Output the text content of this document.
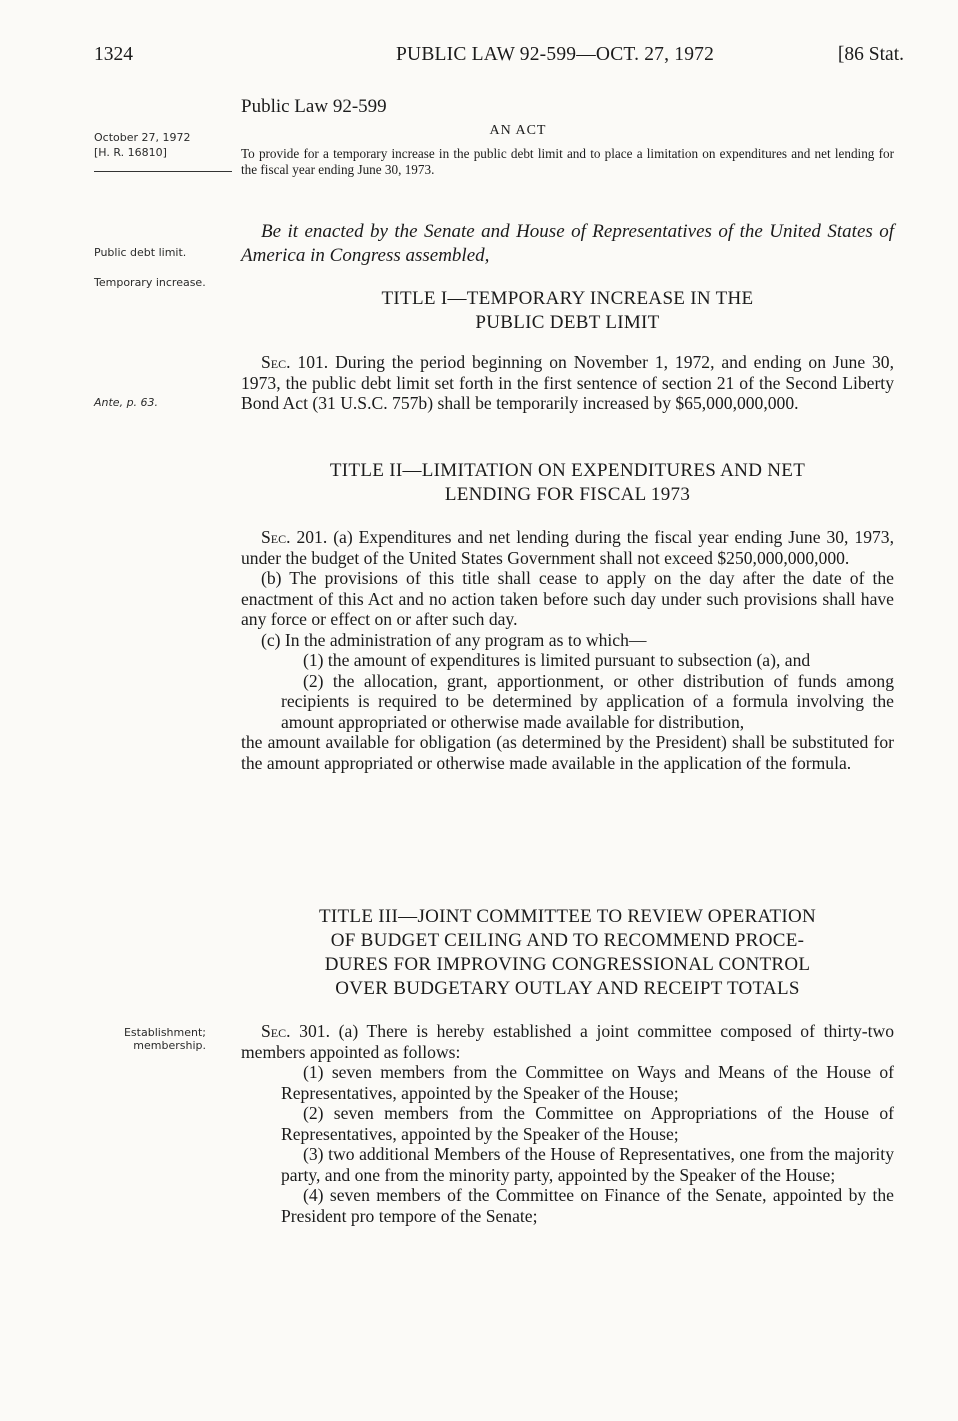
1324	PUBLIC LAW 92-599—OCT. 27, 1972	[86 Stat.
October 27, 1972
[H. R. 16810]
Public debt limit.
Temporary increase.
Ante, p. 63.
Establishment; membership.
Public Law 92-599
AN ACT
To provide for a temporary increase in the public debt limit and to place a limitation on expenditures and net lending for the fiscal year ending June 30, 1973.
Be it enacted by the Senate and House of Representatives of the United States of America in Congress assembled,
TITLE I—TEMPORARY INCREASE IN THE
PUBLIC DEBT LIMIT

Sec. 101. During the period beginning on November 1, 1972, and ending on June 30, 1973, the public debt limit set forth in the first sentence of section 21 of the Second Liberty Bond Act (31 U.S.C. 757b) shall be temporarily increased by $65,000,000,000.

TITLE II—LIMITATION ON EXPENDITURES AND NET
LENDING FOR FISCAL 1973

Sec. 201. (a) Expenditures and net lending during the fiscal year ending June 30, 1973, under the budget of the United States Government shall not exceed $250,000,000,000.

(b) The provisions of this title shall cease to apply on the day after the date of the enactment of this Act and no action taken before such day under such provisions shall have any force or effect on or after such day.

(c) In the administration of any program as to which—

(1) the amount of expenditures is limited pursuant to subsection (a), and

(2) the allocation, grant, apportionment, or other distribution of funds among recipients is required to be determined by application of a formula involving the amount appropriated or otherwise made available for distribution,

the amount available for obligation (as determined by the President) shall be substituted for the amount appropriated or otherwise made available in the application of the formula.

TITLE III—JOINT COMMITTEE TO REVIEW OPERATION
OF BUDGET CEILING AND TO RECOMMEND PROCE-
DURES FOR IMPROVING CONGRESSIONAL CONTROL
OVER BUDGETARY OUTLAY AND RECEIPT TOTALS

Sec. 301. (a) There is hereby established a joint committee composed of thirty-two members appointed as follows:

(1) seven members from the Committee on Ways and Means of the House of Representatives, appointed by the Speaker of the House;

(2) seven members from the Committee on Appropriations of the House of Representatives, appointed by the Speaker of the House;

(3) two additional Members of the House of Representatives, one from the majority party, and one from the minority party, appointed by the Speaker of the House;

(4) seven members of the Committee on Finance of the Senate, appointed by the President pro tempore of the Senate;
